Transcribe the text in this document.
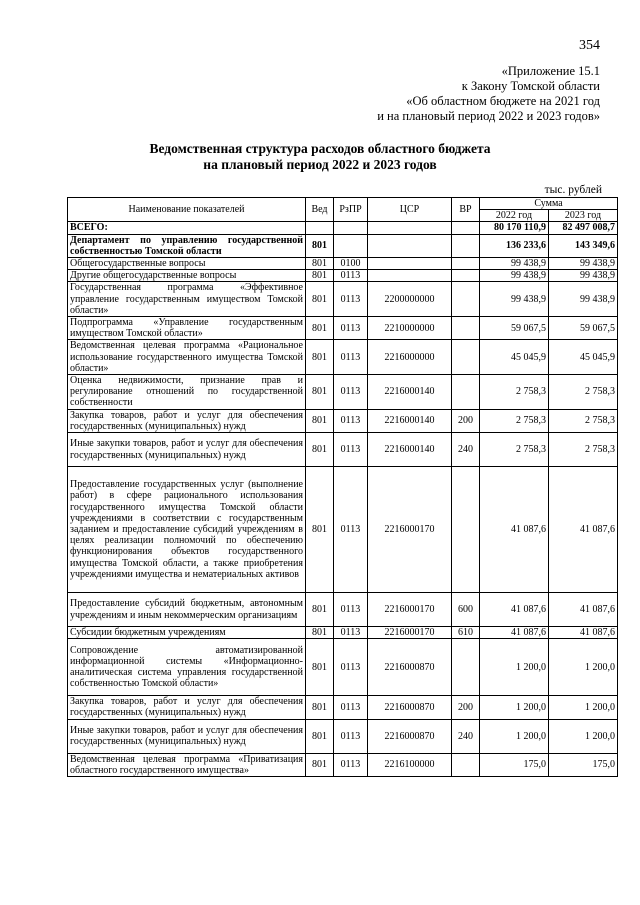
354
«Приложение 15.1
к Закону Томской области
«Об областном бюджете на 2021 год
и на плановый период 2022 и 2023 годов»
Ведомственная структура расходов областного бюджета
на плановый период 2022 и 2023 годов
тыс. рублей
Наименование показателей	Вед	РзПР	ЦСР	ВР	Сумма	
					2022 год	2023 год
ВСЕГО:					80 170 110,9	82 497 008,7
Департамент по управлению государственной собственностью Томской области	801				136 233,6	143 349,6
Общегосударственные вопросы	801	0100			99 438,9	99 438,9
Другие общегосударственные вопросы	801	0113			99 438,9	99 438,9
Государственная программа «Эффективное управление государственным имуществом Томской области»	801	0113	2200000000		99 438,9	99 438,9
Подпрограмма «Управление государственным имуществом Томской области»	801	0113	2210000000		59 067,5	59 067,5
Ведомственная целевая программа «Рациональное использование государственного имущества Томской области»	801	0113	2216000000		45 045,9	45 045,9
Оценка недвижимости, признание прав и регулирование отношений по государственной собственности	801	0113	2216000140		2 758,3	2 758,3
Закупка товаров, работ и услуг для обеспечения государственных (муниципальных) нужд	801	0113	2216000140	200	2 758,3	2 758,3
Иные закупки товаров, работ и услуг для обеспечения государственных (муниципальных) нужд	801	0113	2216000140	240	2 758,3	2 758,3
Предоставление государственных услуг (выполнение работ) в сфере рационального использования государственного имущества Томской области учреждениями в соответствии с государственным заданием и предоставление субсидий учреждениям в целях реализации полномочий по обеспечению функционирования объектов государственного имущества Томской области, а также приобретения учреждениями имущества и нематериальных активов	801	0113	2216000170		41 087,6	41 087,6
Предоставление субсидий бюджетным, автономным учреждениям и иным некоммерческим организациям	801	0113	2216000170	600	41 087,6	41 087,6
Субсидии бюджетным учреждениям	801	0113	2216000170	610	41 087,6	41 087,6
Сопровождение автоматизированной информационной системы «Информационно-аналитическая система управления государственной собственностью Томской области»	801	0113	2216000870		1 200,0	1 200,0
Закупка товаров, работ и услуг для обеспечения государственных (муниципальных) нужд	801	0113	2216000870	200	1 200,0	1 200,0
Иные закупки товаров, работ и услуг для обеспечения государственных (муниципальных) нужд	801	0113	2216000870	240	1 200,0	1 200,0
Ведомственная целевая программа «Приватизация областного государственного имущества»	801	0113	2216100000		175,0	175,0
